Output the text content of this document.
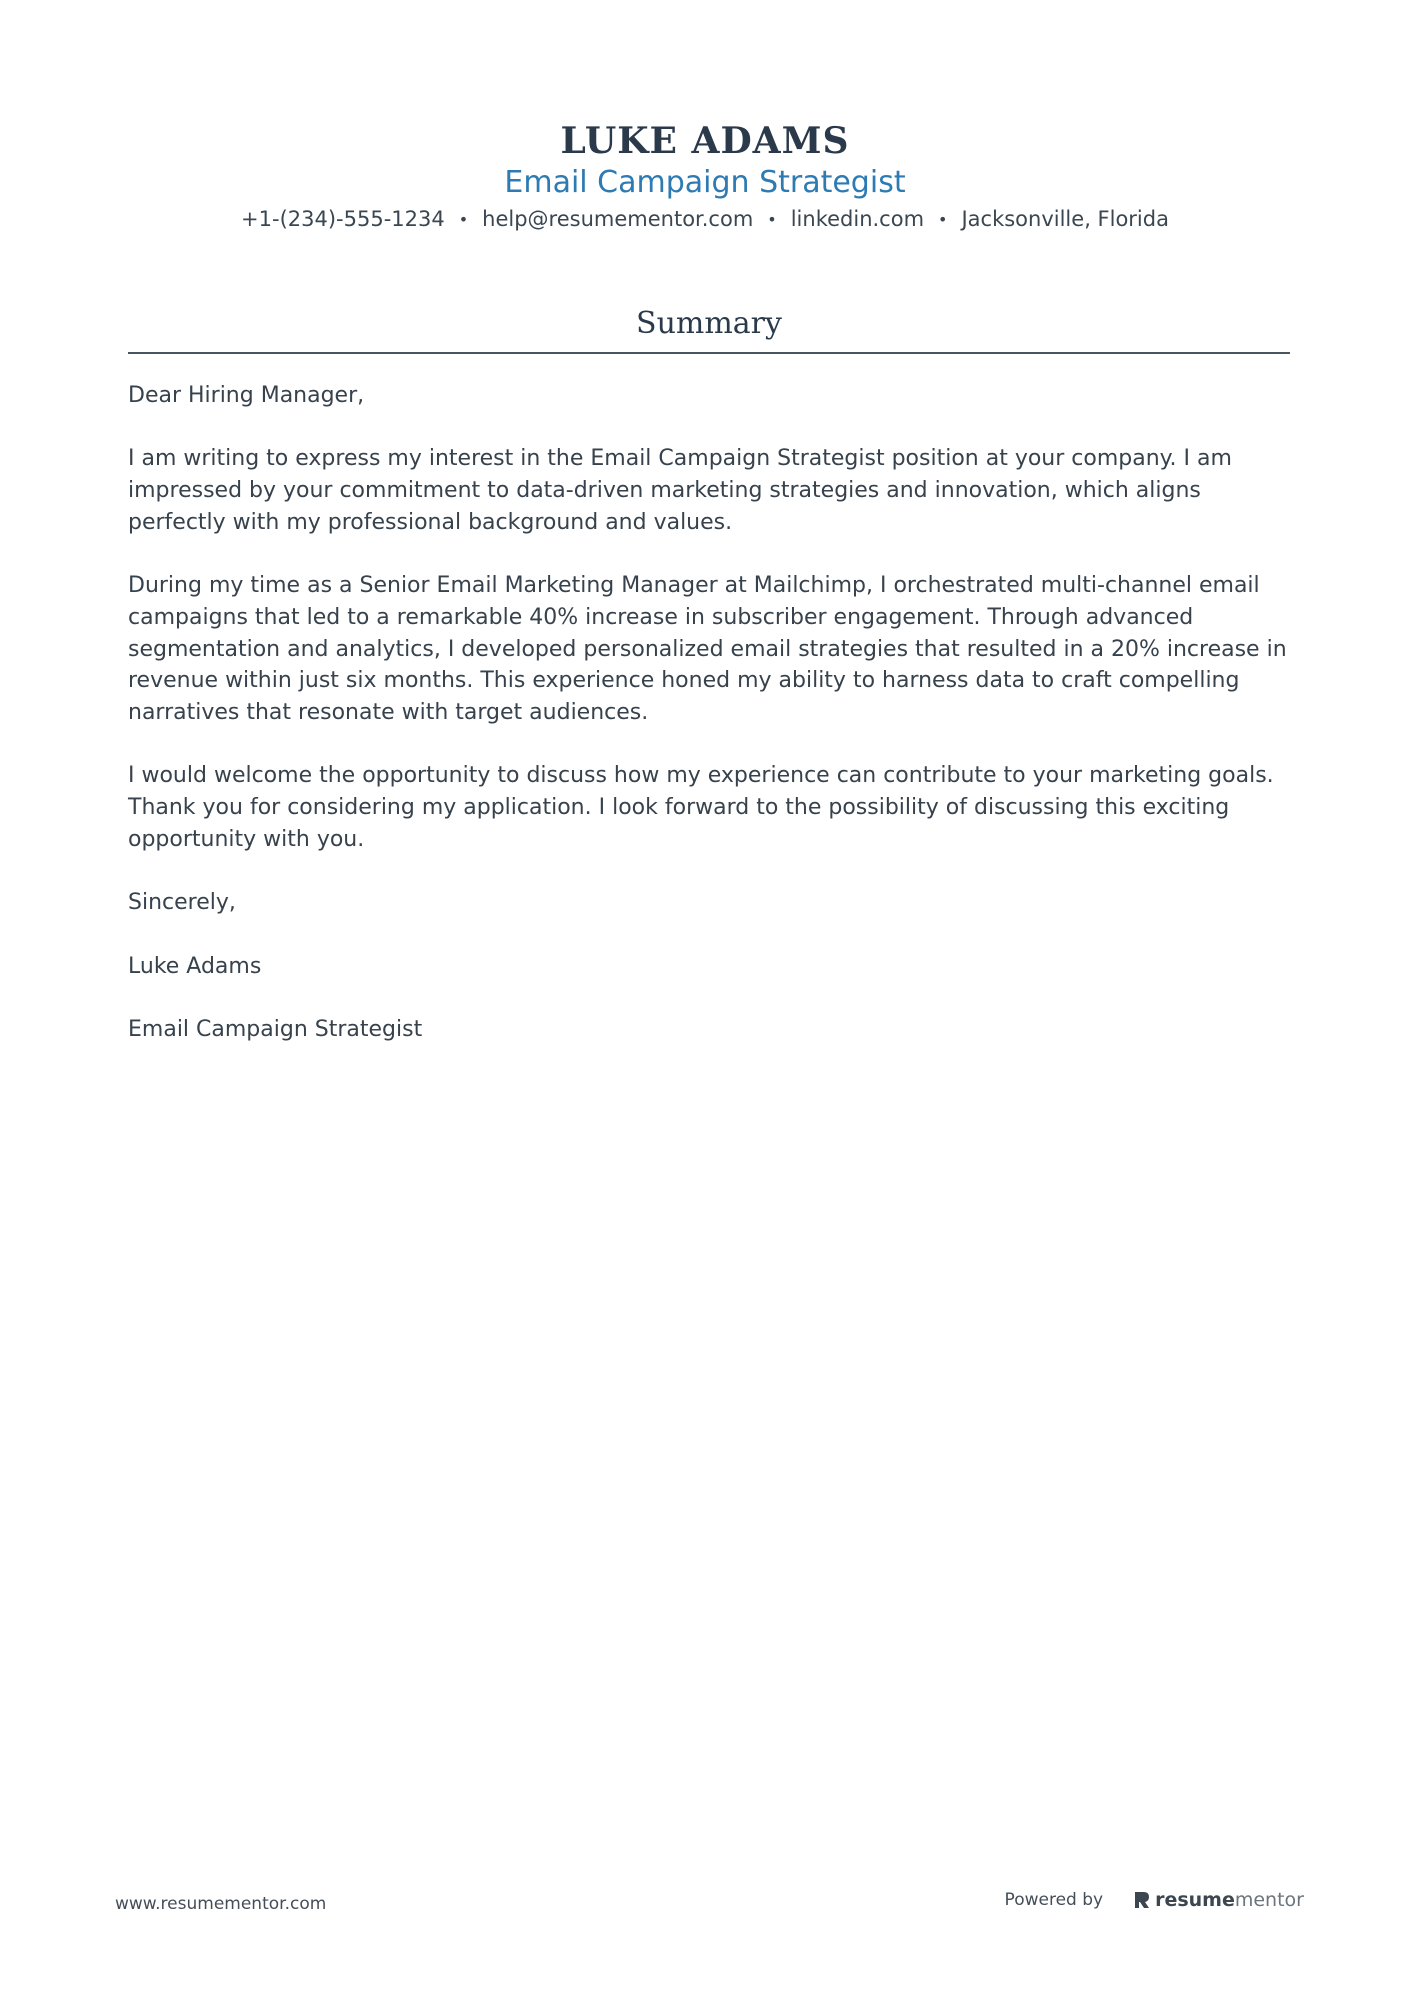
LUKE ADAMS
Email Campaign Strategist
+1-(234)-555-1234 • help@resumementor.com • linkedin.com • Jacksonville, Florida
Summary

Dear Hiring Manager,

I am writing to express my interest in the Email Campaign Strategist position at your company. I am impressed by your commitment to data-driven marketing strategies and innovation, which aligns perfectly with my professional background and values.

During my time as a Senior Email Marketing Manager at Mailchimp, I orchestrated multi-channel email campaigns that led to a remarkable 40% increase in subscriber engagement. Through advanced segmentation and analytics, I developed personalized email strategies that resulted in a 20% increase in revenue within just six months. This experience honed my ability to harness data to craft compelling narratives that resonate with target audiences.

I would welcome the opportunity to discuss how my experience can contribute to your marketing goals. Thank you for considering my application. I look forward to the possibility of discussing this exciting opportunity with you.

Sincerely,

Luke Adams

Email Campaign Strategist

www.resumementor.com	Powered by	resume mentor
